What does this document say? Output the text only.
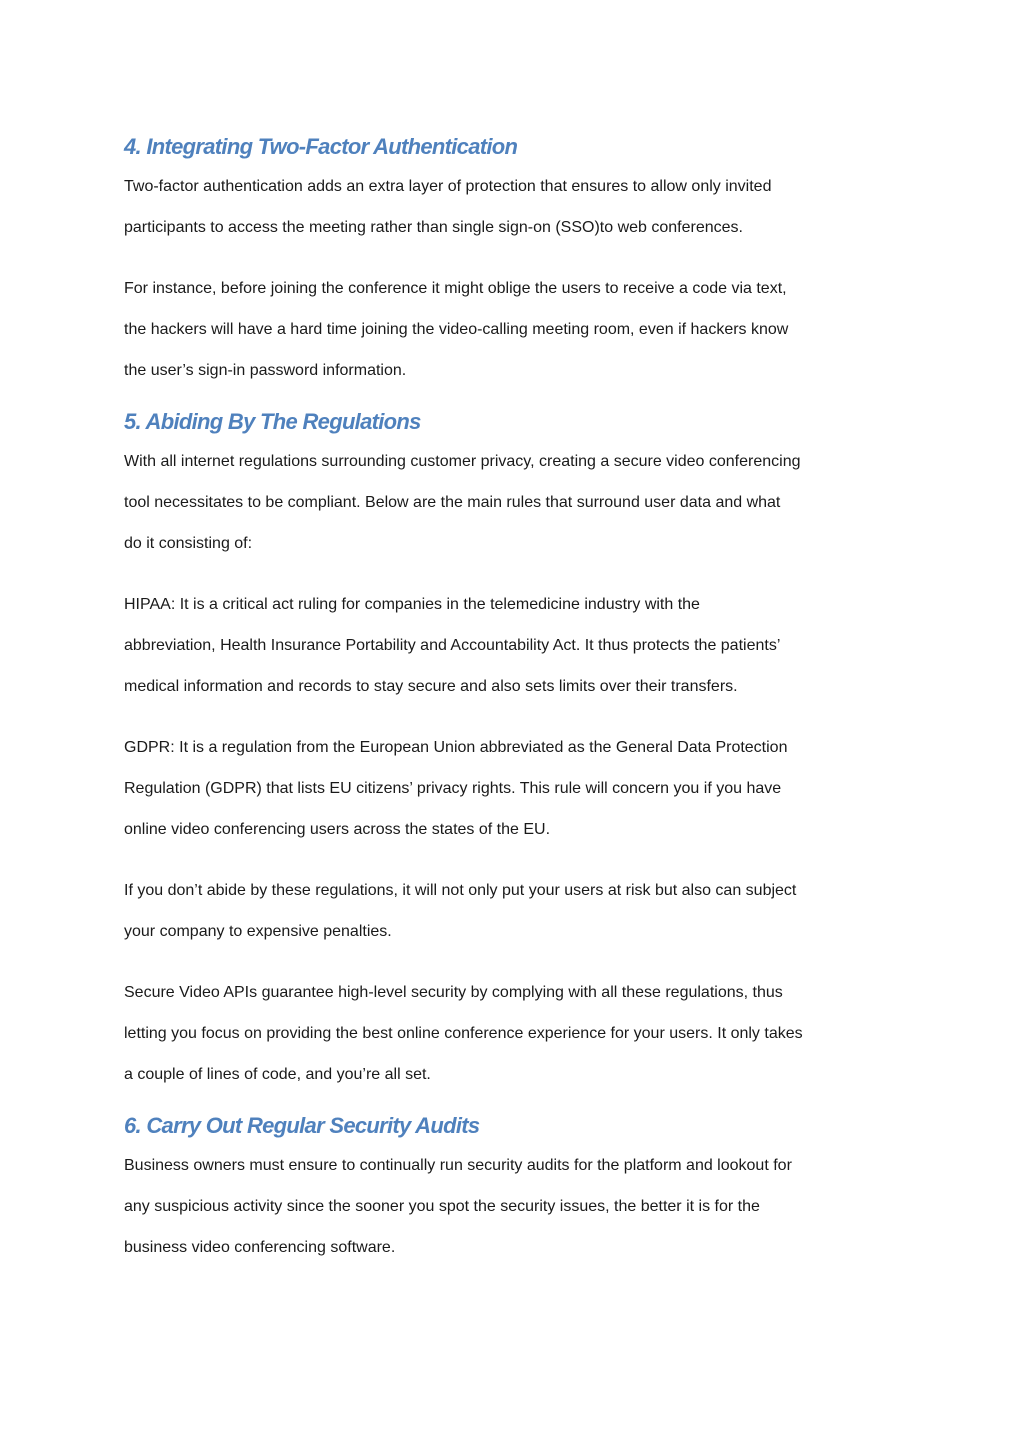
4. Integrating Two-Factor Authentication

Two-factor authentication adds an extra layer of protection that ensures to allow only invited
participants to access the meeting rather than single sign-on (SSO)to web conferences.

For instance, before joining the conference it might oblige the users to receive a code via text,
the hackers will have a hard time joining the video-calling meeting room, even if hackers know
the user’s sign-in password information.

5. Abiding By The Regulations

With all internet regulations surrounding customer privacy, creating a secure video conferencing
tool necessitates to be compliant. Below are the main rules that surround user data and what
do it consisting of:

HIPAA: It is a critical act ruling for companies in the telemedicine industry with the
abbreviation, Health Insurance Portability and Accountability Act. It thus protects the patients’
medical information and records to stay secure and also sets limits over their transfers.

GDPR: It is a regulation from the European Union abbreviated as the General Data Protection
Regulation (GDPR) that lists EU citizens’ privacy rights. This rule will concern you if you have
online video conferencing users across the states of the EU.

If you don’t abide by these regulations, it will not only put your users at risk but also can subject
your company to expensive penalties.

Secure Video APIs guarantee high-level security by complying with all these regulations, thus
letting you focus on providing the best online conference experience for your users. It only takes
a couple of lines of code, and you’re all set.

6. Carry Out Regular Security Audits

Business owners must ensure to continually run security audits for the platform and lookout for
any suspicious activity since the sooner you spot the security issues, the better it is for the
business video conferencing software.
